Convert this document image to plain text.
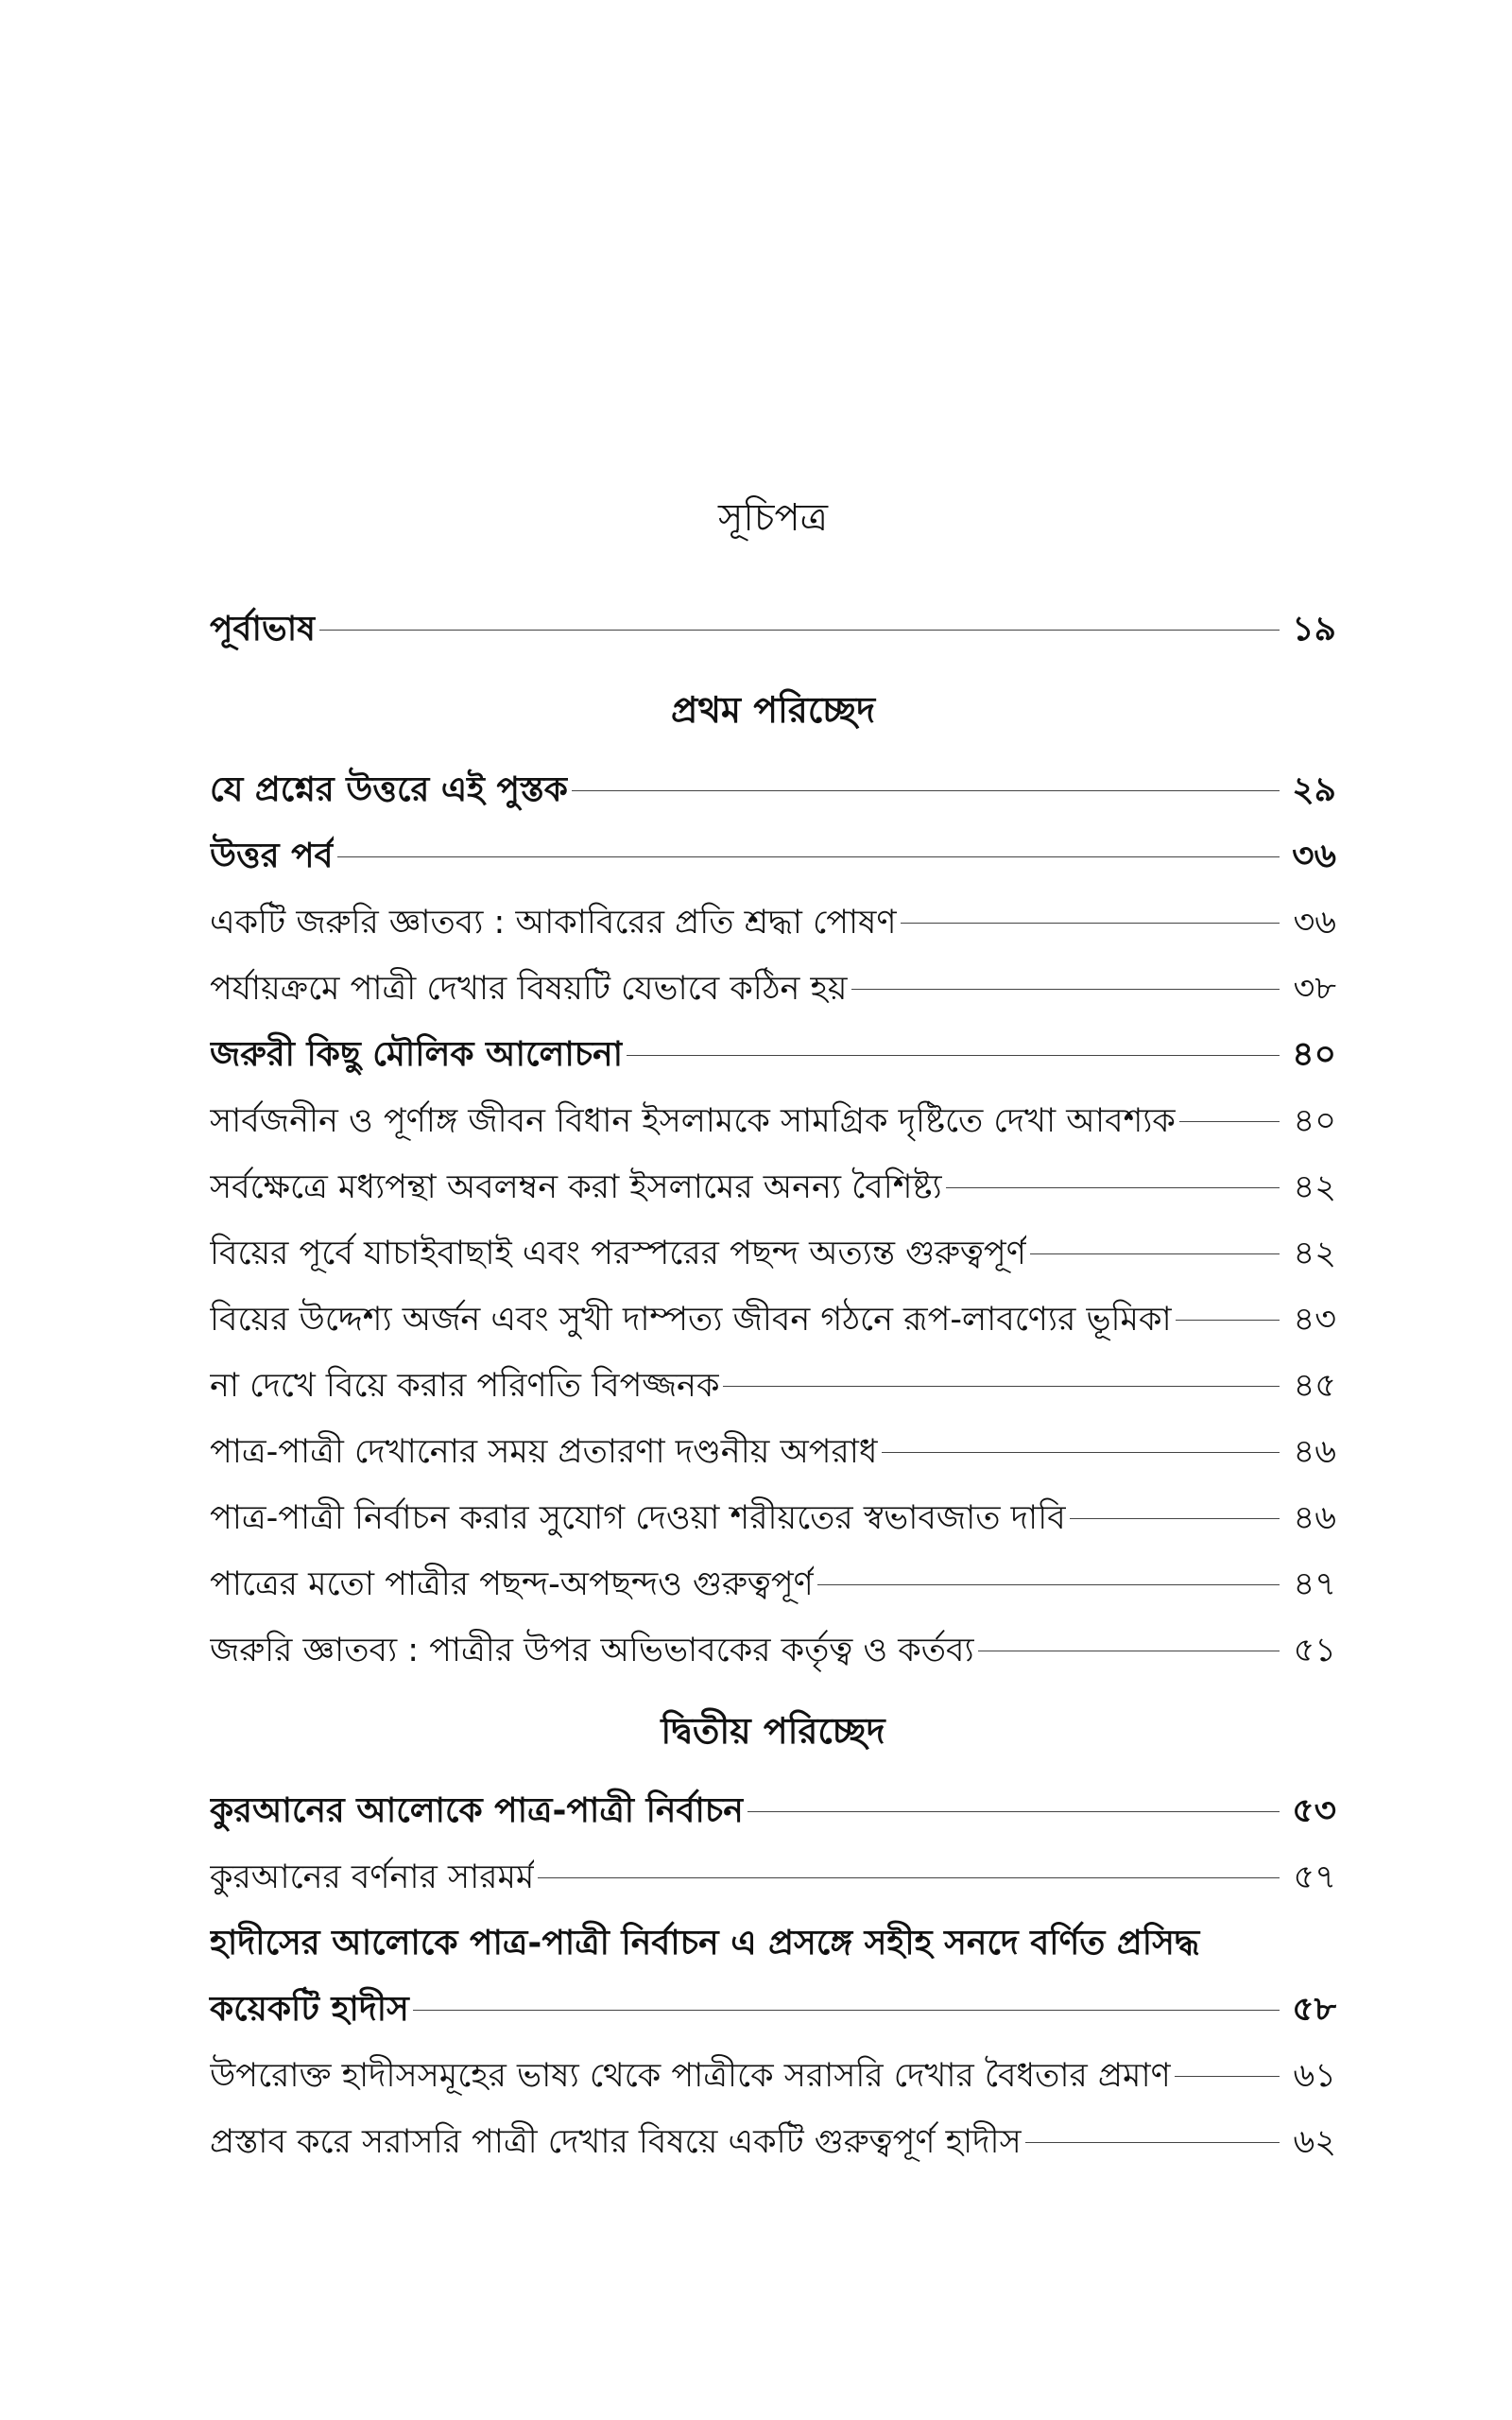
সূচিপত্র
পূর্বাভাষ	১৯
প্রথম পরিচ্ছেদ
যে প্রশ্নের উত্তরে এই পুস্তক	২৯
উত্তর পর্ব	৩৬
একটি জরুরি জ্ঞাতব্য : আকাবিরের প্রতি শ্রদ্ধা পোষণ	৩৬
পর্যায়ক্রমে পাত্রী দেখার বিষয়টি যেভাবে কঠিন হয়	৩৮
জরুরী কিছু মৌলিক আলোচনা	৪০
সার্বজনীন ও পূর্ণাঙ্গ জীবন বিধান ইসলামকে সামগ্রিক দৃষ্টিতে দেখা আবশ্যক	৪০
সর্বক্ষেত্রে মধ্যপন্থা অবলম্বন করা ইসলামের অনন্য বৈশিষ্ট্য	৪২
বিয়ের পূর্বে যাচাইবাছাই এবং পরস্পরের পছন্দ অত্যন্ত গুরুত্বপূর্ণ	৪২
বিয়ের উদ্দেশ্য অর্জন এবং সুখী দাম্পত্য জীবন গঠনে রূপ-লাবণ্যের ভূমিকা	৪৩
না দেখে বিয়ে করার পরিণতি বিপজ্জনক	৪৫
পাত্র-পাত্রী দেখানোর সময় প্রতারণা দণ্ডনীয় অপরাধ	৪৬
পাত্র-পাত্রী নির্বাচন করার সুযোগ দেওয়া শরীয়তের স্বভাবজাত দাবি	৪৬
পাত্রের মতো পাত্রীর পছন্দ-অপছন্দও গুরুত্বপূর্ণ	৪৭
জরুরি জ্ঞাতব্য : পাত্রীর উপর অভিভাবকের কর্তৃত্ব ও কর্তব্য	৫১
দ্বিতীয় পরিচ্ছেদ
কুরআনের আলোকে পাত্র-পাত্রী নির্বাচন	৫৩
কুরআনের বর্ণনার সারমর্ম	৫৭
হাদীসের আলোকে পাত্র-পাত্রী নির্বাচন এ প্রসঙ্গে সহীহ সনদে বর্ণিত প্রসিদ্ধ
কয়েকটি হাদীস	৫৮
উপরোক্ত হাদীসসমূহের ভাষ্য থেকে পাত্রীকে সরাসরি দেখার বৈধতার প্রমাণ	৬১
প্রস্তাব করে সরাসরি পাত্রী দেখার বিষয়ে একটি গুরুত্বপূর্ণ হাদীস	৬২
